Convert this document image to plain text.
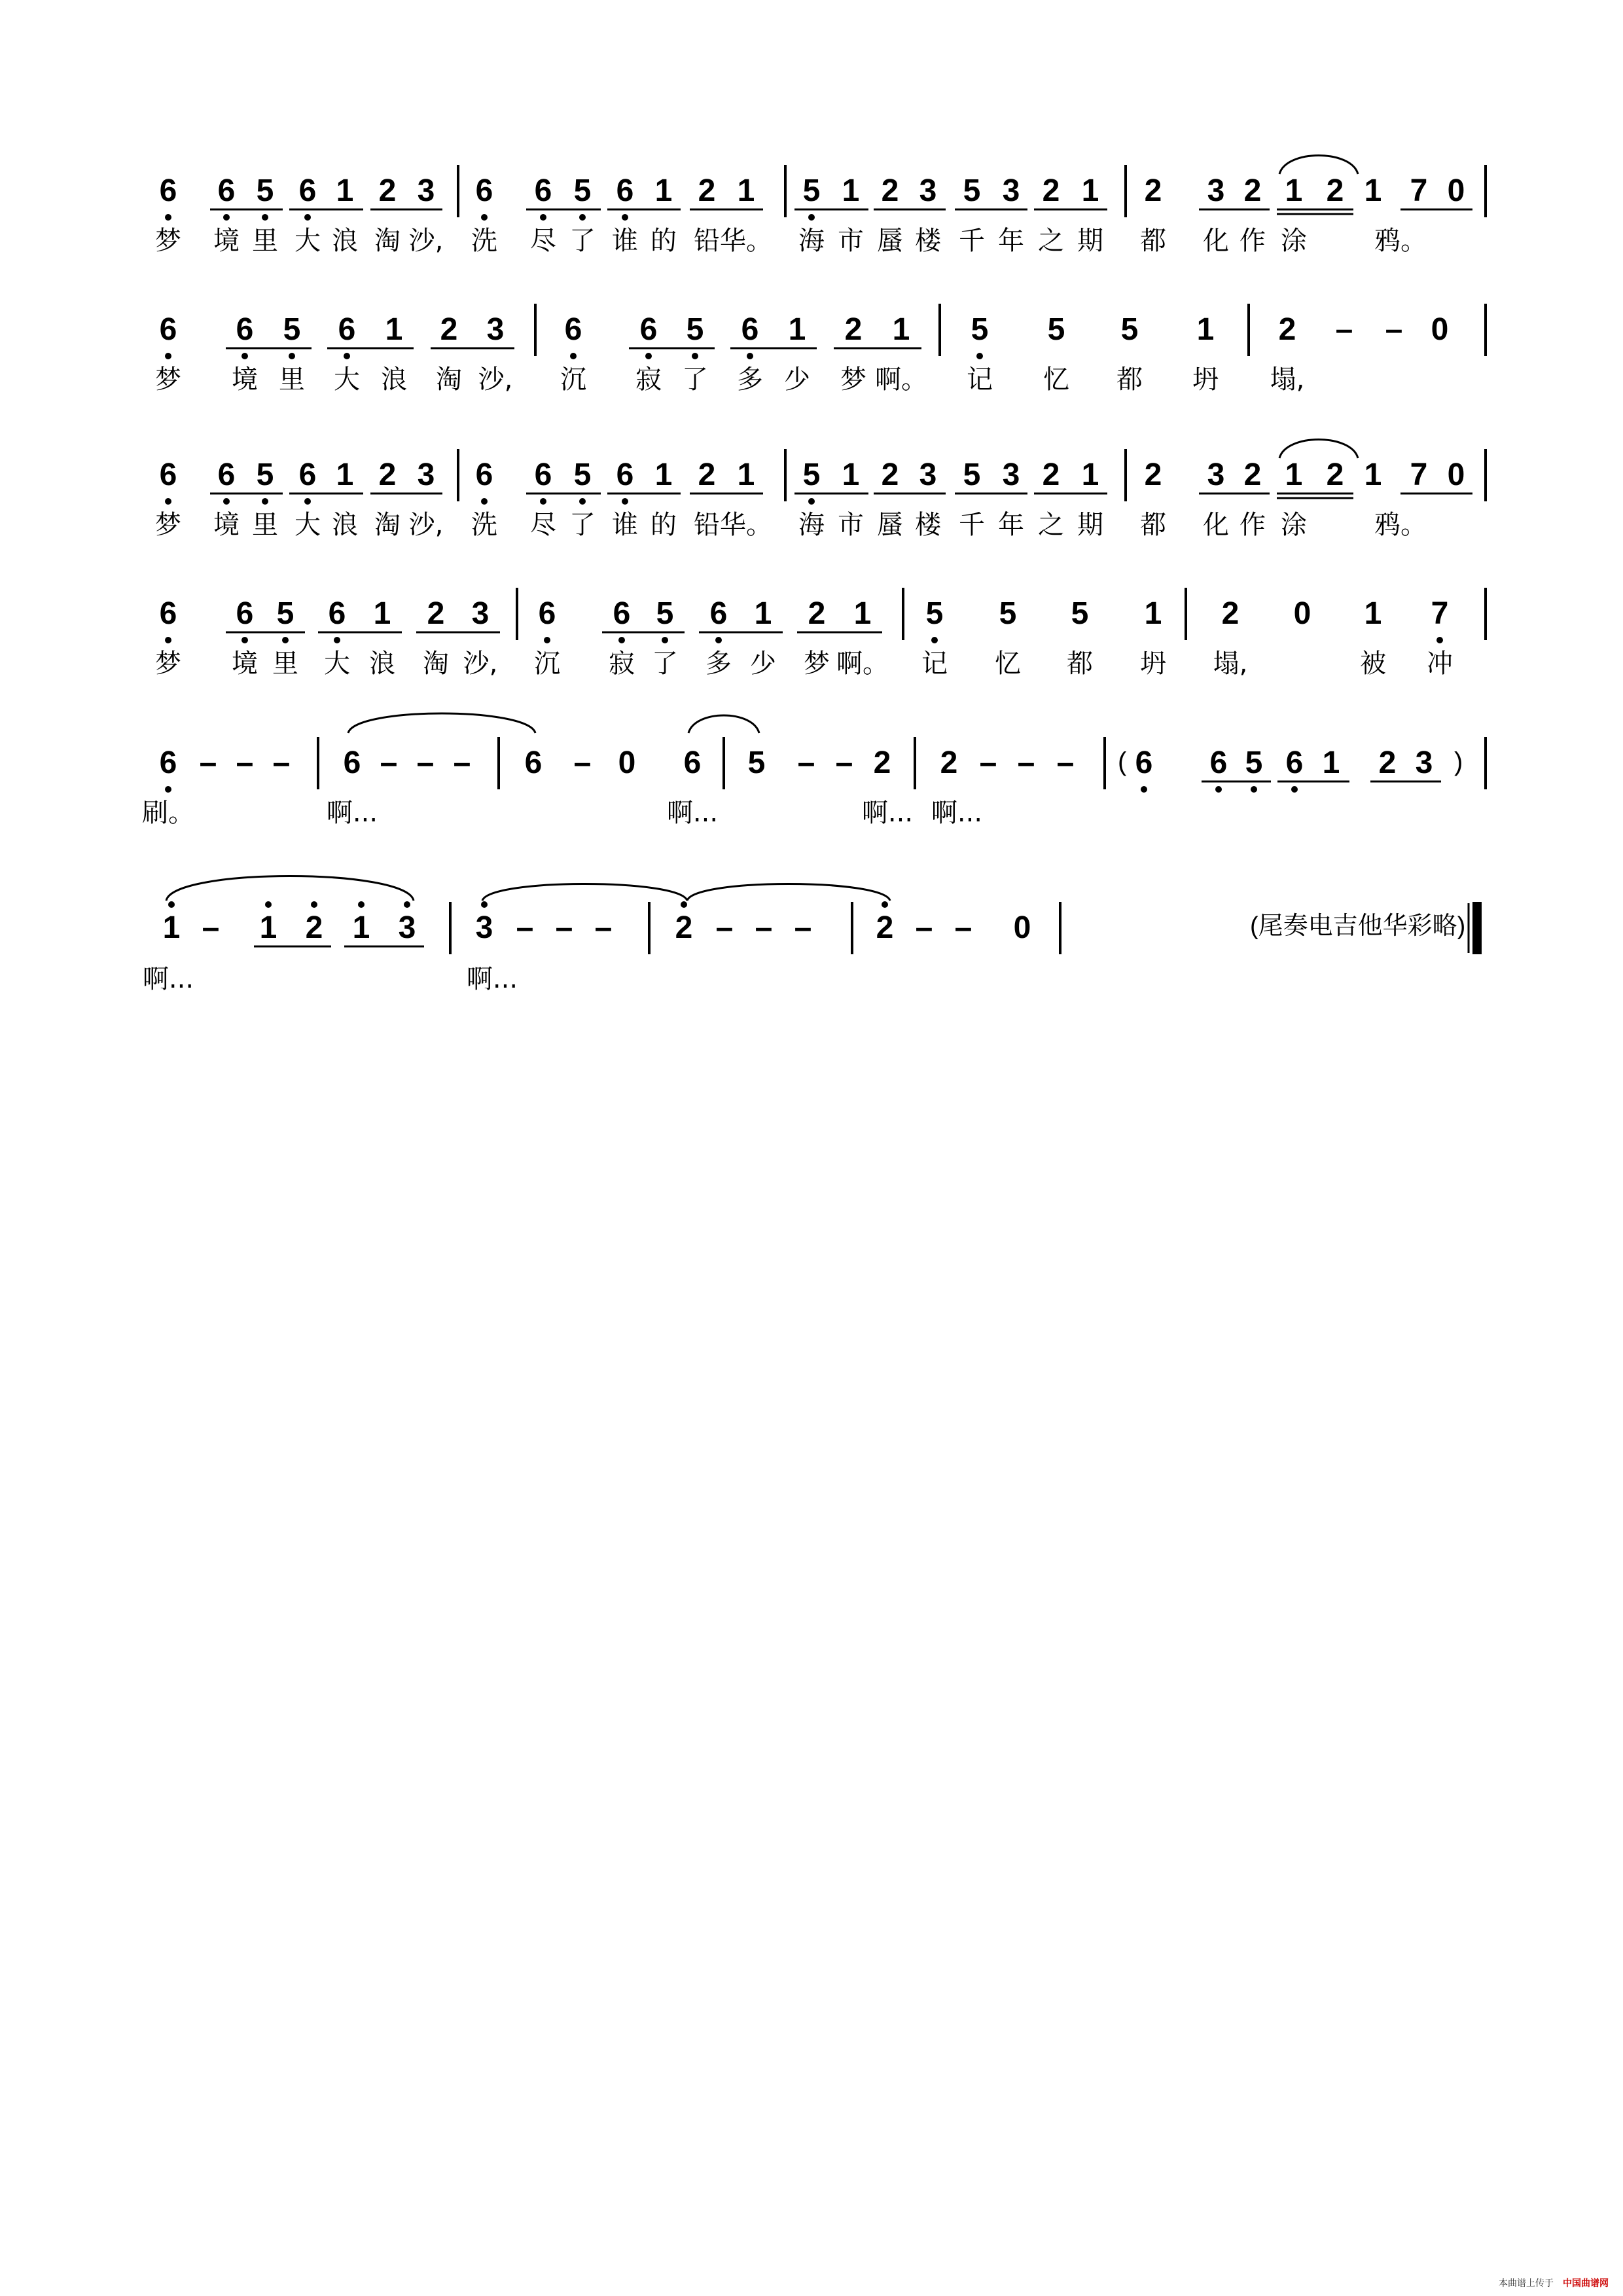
6 6 5 6 1 2 3 6 6 5 6 1 2 1 5 1 2 3 5 3 2 1 2 3 2 1 2 1 7 0
梦 境 里 大 浪 淘 沙, 洗 尽 了 谁 的 铅 华。 海 市 蜃 楼 千 年 之 期 都 化 作 涂	鸦。
6 6 5 6 1 2 3 6 6 5 6 1 2 1 5 5 5 1 2 – – 0
梦 境 里 大 浪 淘 沙, 沉 寂 了 多 少 梦 啊。 记 忆 都 坍 塌,
6 6 5 6 1 2 3 6 6 5 6 1 2 1 5 1 2 3 5 3 2 1 2 3 2 1 2 1 7 0
梦 境 里 大 浪 淘 沙, 洗 尽 了 谁 的 铅 华。 海 市 蜃 楼 千 年 之 期 都 化 作 涂	鸦。
6 6 5 6 1 2 3 6 6 5 6 1 2 1 5 5 5 1 2 0 1 7
梦 境 里 大 浪 淘 沙, 沉 寂 了 多 少 梦 啊。 记 忆 都 坍 塌,	被 冲
6 – – – 6 – – – 6 – 0 6 5 – – 2 2 – – – 6 6 5 6 1 2 3
刷。	啊...	啊...	啊... 啊...
(	)
1 – 1 2 1 3 3 – – – 2 – – – 2 – – 0
啊...	啊...
(尾奏电吉他华彩略)
本曲谱上传于 中国曲谱网
